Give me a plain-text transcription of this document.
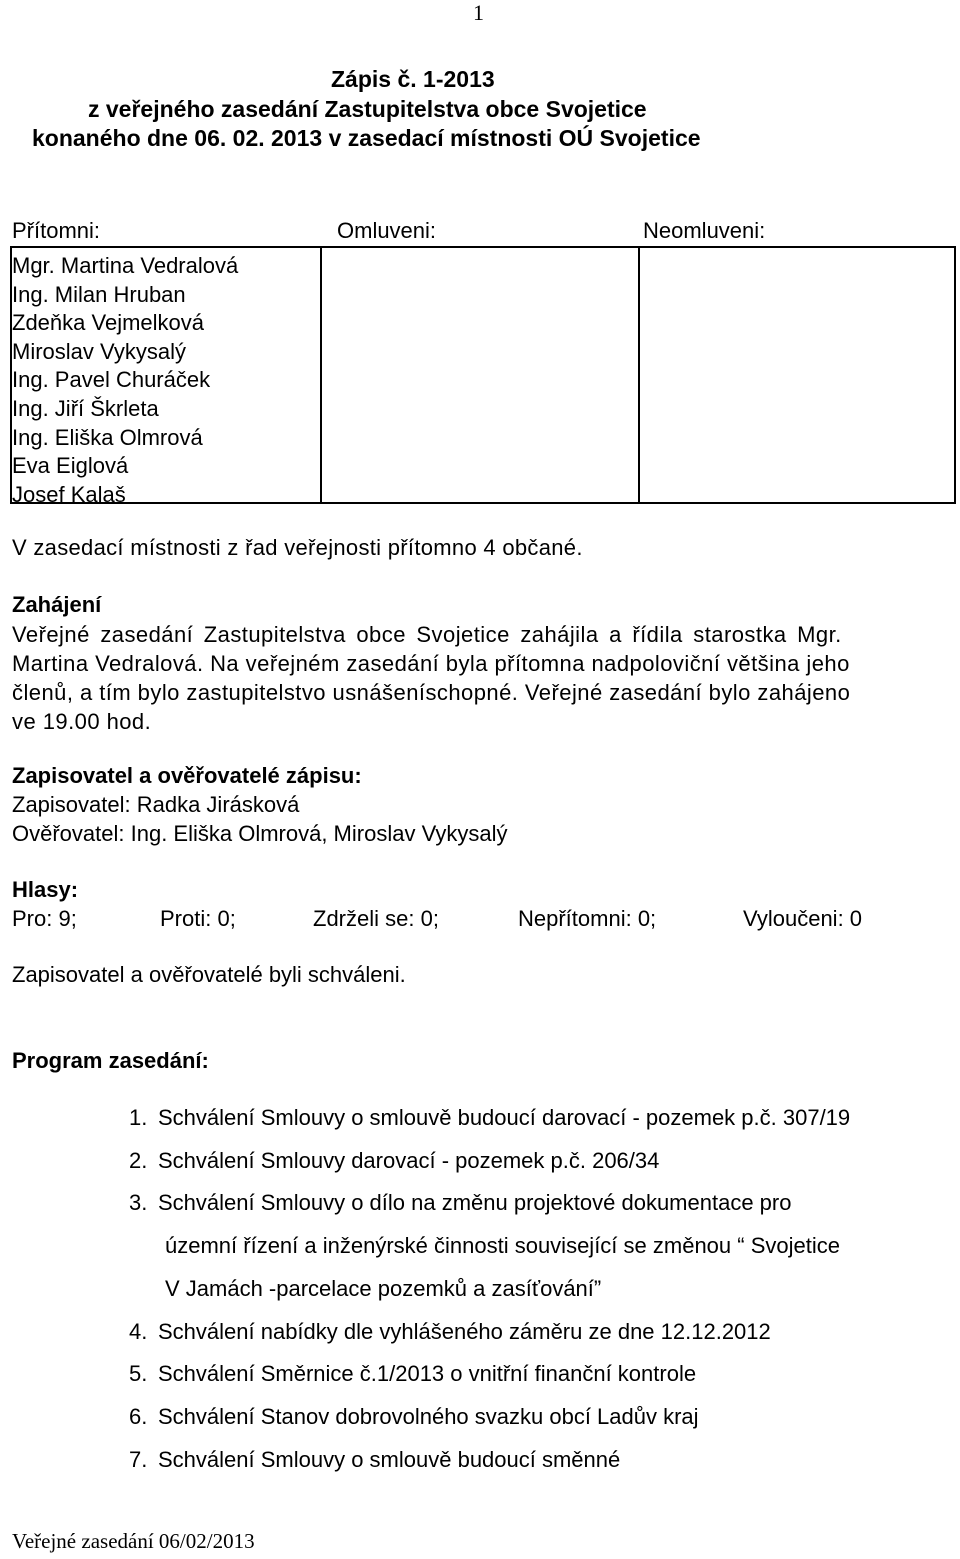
1
Zápis č. 1-2013
z veřejného zasedání Zastupitelstva obce Svojetice
konaného dne 06. 02. 2013 v zasedací místnosti OÚ Svojetice
Přítomni:	Omluveni:	Neomluveni:
Mgr. Martina Vedralová
Ing. Milan Hruban
Zdeňka Vejmelková
Miroslav Vykysalý
Ing. Pavel Churáček
Ing. Jiří Škrleta
Ing. Eliška Olmrová
Eva Eiglová
Josef Kalaš
V zasedací místnosti z řad veřejnosti přítomno 4 občané.
Zahájení
Veřejné zasedání Zastupitelstva obce Svojetice zahájila a řídila starostka Mgr.
Martina Vedralová. Na veřejném zasedání byla přítomna nadpoloviční většina jeho
členů, a tím bylo zastupitelstvo usnášeníschopné. Veřejné zasedání bylo zahájeno
ve 19.00 hod.
Zapisovatel a ověřovatelé zápisu:
Zapisovatel: Radka Jirásková
Ověřovatel: Ing. Eliška Olmrová, Miroslav Vykysalý
Hlasy:
Pro: 9;	Proti: 0;	Zdrželi se: 0;	Nepřítomni: 0;	Vyloučeni: 0
Zapisovatel a ověřovatelé byli schváleni.
Program zasedání:
1. Schválení Smlouvy o smlouvě budoucí darovací - pozemek p.č. 307/19
2. Schválení Smlouvy darovací - pozemek p.č. 206/34
3. Schválení Smlouvy o dílo na změnu projektové dokumentace pro
územní řízení a inženýrské činnosti související se změnou “ Svojetice
V Jamách -parcelace pozemků a zasíťování”
4. Schválení nabídky dle vyhlášeného záměru ze dne 12.12.2012
5. Schválení Směrnice č.1/2013 o vnitřní finanční kontrole
6. Schválení Stanov dobrovolného svazku obcí Ladův kraj
7. Schválení Smlouvy o smlouvě budoucí směnné
Veřejné zasedání 06/02/2013
